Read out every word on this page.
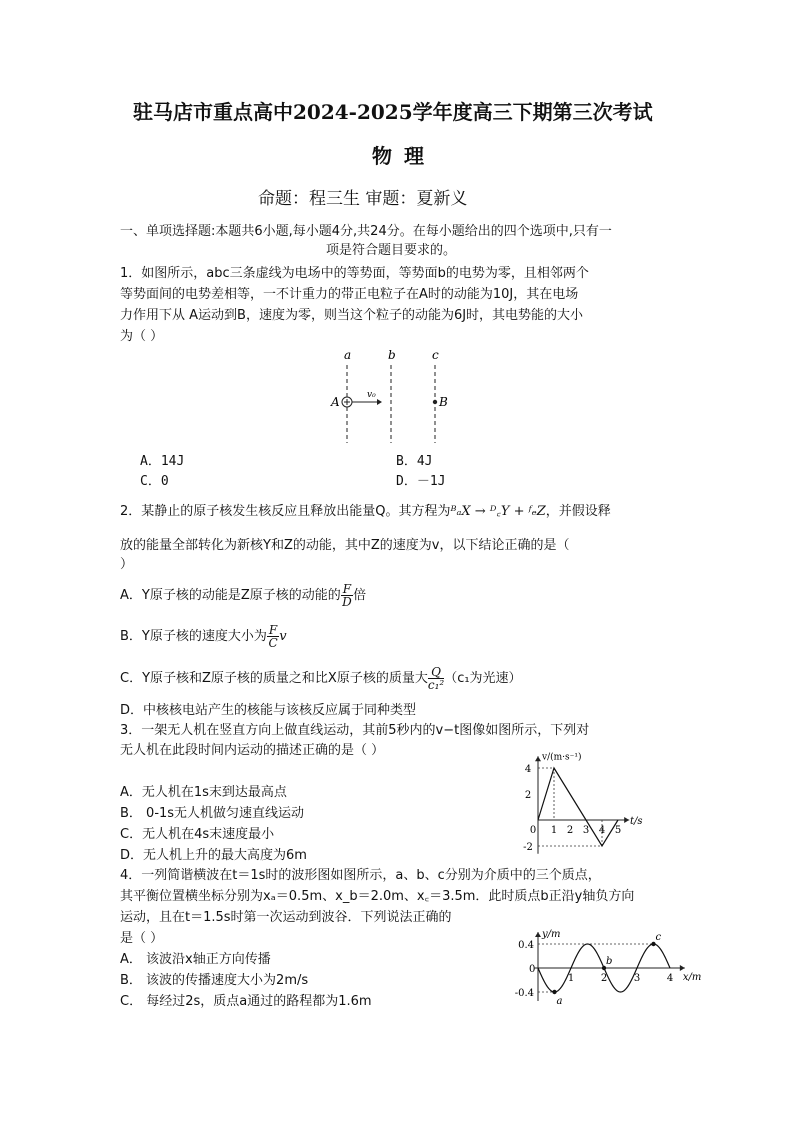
驻马店市重点高中2024-2025学年度高三下期第三次考试
物理
命题：程三生 审题：夏新义
一、单项选择题:本题共6小题,每小题4分,共24分。在每小题给出的四个选项中,只有一
项是符合题目要求的。
1．如图所示，abc三条虚线为电场中的等势面，等势面b的电势为零，且相邻两个
等势面间的电势差相等，一不计重力的带正电粒子在A时的动能为10J，其在电场
力作用下从 A运动到B，速度为零，则当这个粒子的动能为6J时，其电势能的大小
为（ ）
a	b	c
v₀
A	B
A．14J	B．4J
C．0	D．－1J
2．某静止的原子核发生核反应且释放出能量Q。其方程为ᴮₐX → ᴰ꜀Y + ᶠₑZ，并假设释
放的能量全部转化为新核Y和Z的动能，其中Z的速度为v，以下结论正确的是（
）
A．Y原子核的动能是Z原子核的动能的 $\frac{F}{D}$ 倍
B．Y原子核的速度大小为 $\frac{F}{C}$ v
C．Y原子核和Z原子核的质量之和比X原子核的质量大 $\frac{Q}{\text{c₁²}} (c_1$为光速）
D．中核核电站产生的核能与该核反应属于同种类型
3．一架无人机在竖直方向上做直线运动，其前5秒内的v−t图像如图所示，下列对
无人机在此段时间内运动的描述正确的是（ ）
A．无人机在1s末到达最高点
B． 0-1s无人机做匀速直线运动
C．无人机在4s末速度最小
D．无人机上升的最大高度为6m
v/(m·s⁻¹)
t/s
4
2
-2
0 1 2 3 4 5
4．一列简谐横波在t＝1s时的波形图如图所示，a、b、c分别为介质中的三个质点，
其平衡位置横坐标分别为xₐ＝0.5m、x_b＝2.0m、x꜀＝3.5m．此时质点b正沿y轴负方向
运动，且在t＝1.5s时第一次运动到波谷．下列说法正确的
是（ ）
A． 该波沿x轴正方向传播
B． 该波的传播速度大小为2m/s
C． 每经过2s，质点a通过的路程都为1.6m
y/m
x/m
0
0.4
-0.4
1	2	3	4
a
b
c
